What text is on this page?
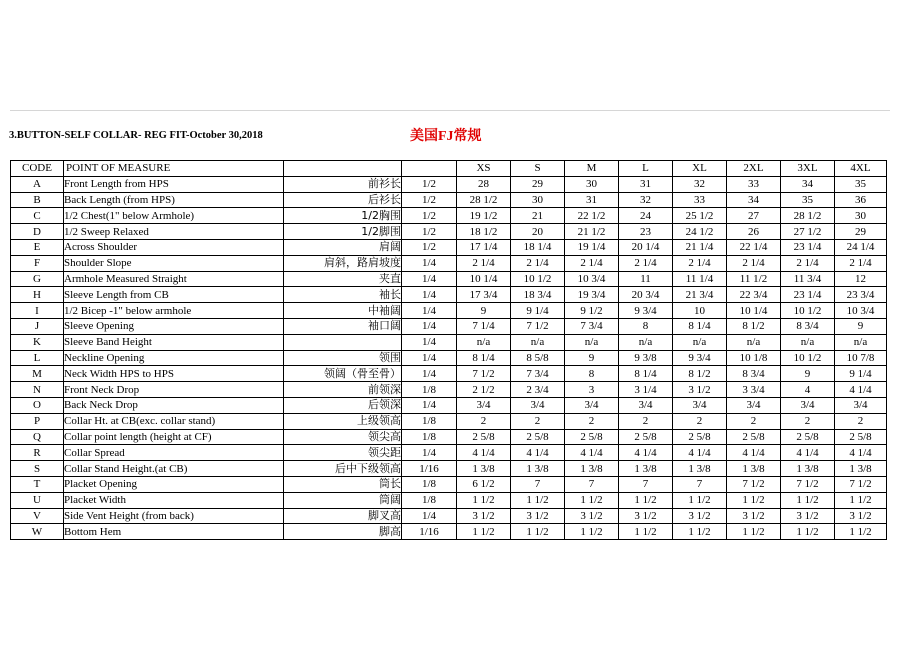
3.BUTTON-SELF COLLAR- REG FIT-October 30,2018	美国FJ常规
CODE	POINT OF MEASURE			XS	S	M	L	XL	2XL	3XL	4XL
A	Front Length from HPS	前衫长	1/2	28	29	30	31	32	33	34	35
B	Back Length (from HPS)	后衫长	1/2	28 1/2	30	31	32	33	34	35	36
C	1/2 Chest(1" below Armhole)	1/2胸围	1/2	19 1/2	21	22 1/2	24	25 1/2	27	28 1/2	30
D	1/2 Sweep Relaxed	1/2脚围	1/2	18 1/2	20	21 1/2	23	24 1/2	26	27 1/2	29
E	Across Shoulder	肩阔	1/2	17 1/4	18 1/4	19 1/4	20 1/4	21 1/4	22 1/4	23 1/4	24 1/4
F	Shoulder Slope	肩斜，路肩坡度	1/4	2 1/4	2 1/4	2 1/4	2 1/4	2 1/4	2 1/4	2 1/4	2 1/4
G	Armhole Measured Straight	夹直	1/4	10 1/4	10 1/2	10 3/4	11	11 1/4	11 1/2	11 3/4	12
H	Sleeve Length from CB	袖长	1/4	17 3/4	18 3/4	19 3/4	20 3/4	21 3/4	22 3/4	23 1/4	23 3/4
I	1/2 Bicep -1" below armhole	中袖阔	1/4	9	9 1/4	9 1/2	9 3/4	10	10 1/4	10 1/2	10 3/4
J	Sleeve Opening	袖口阔	1/4	7 1/4	7 1/2	7 3/4	8	8 1/4	8 1/2	8 3/4	9
K	Sleeve Band Height		1/4	n/a	n/a	n/a	n/a	n/a	n/a	n/a	n/a
L	Neckline Opening	领围	1/4	8 1/4	8 5/8	9	9 3/8	9 3/4	10 1/8	10 1/2	10 7/8
M	Neck Width HPS to HPS	领阔（骨至骨）	1/4	7 1/2	7 3/4	8	8 1/4	8 1/2	8 3/4	9	9 1/4
N	Front Neck Drop	前领深	1/8	2 1/2	2 3/4	3	3 1/4	3 1/2	3 3/4	4	4 1/4
O	Back Neck Drop	后领深	1/4	3/4	3/4	3/4	3/4	3/4	3/4	3/4	3/4
P	Collar Ht. at CB(exc. collar stand)	上级领高	1/8	2	2	2	2	2	2	2	2
Q	Collar point length (height at CF)	领尖高	1/8	2 5/8	2 5/8	2 5/8	2 5/8	2 5/8	2 5/8	2 5/8	2 5/8
R	Collar Spread	领尖距	1/4	4 1/4	4 1/4	4 1/4	4 1/4	4 1/4	4 1/4	4 1/4	4 1/4
S	Collar Stand Height.(at CB)	后中下级领高	1/16	1 3/8	1 3/8	1 3/8	1 3/8	1 3/8	1 3/8	1 3/8	1 3/8
T	Placket Opening	筒长	1/8	6 1/2	7	7	7	7	7 1/2	7 1/2	7 1/2
U	Placket Width	筒阔	1/8	1 1/2	1 1/2	1 1/2	1 1/2	1 1/2	1 1/2	1 1/2	1 1/2
V	Side Vent Height (from back)	脚叉高	1/4	3 1/2	3 1/2	3 1/2	3 1/2	3 1/2	3 1/2	3 1/2	3 1/2
W	Bottom Hem	脚高	1/16	1 1/2	1 1/2	1 1/2	1 1/2	1 1/2	1 1/2	1 1/2	1 1/2
